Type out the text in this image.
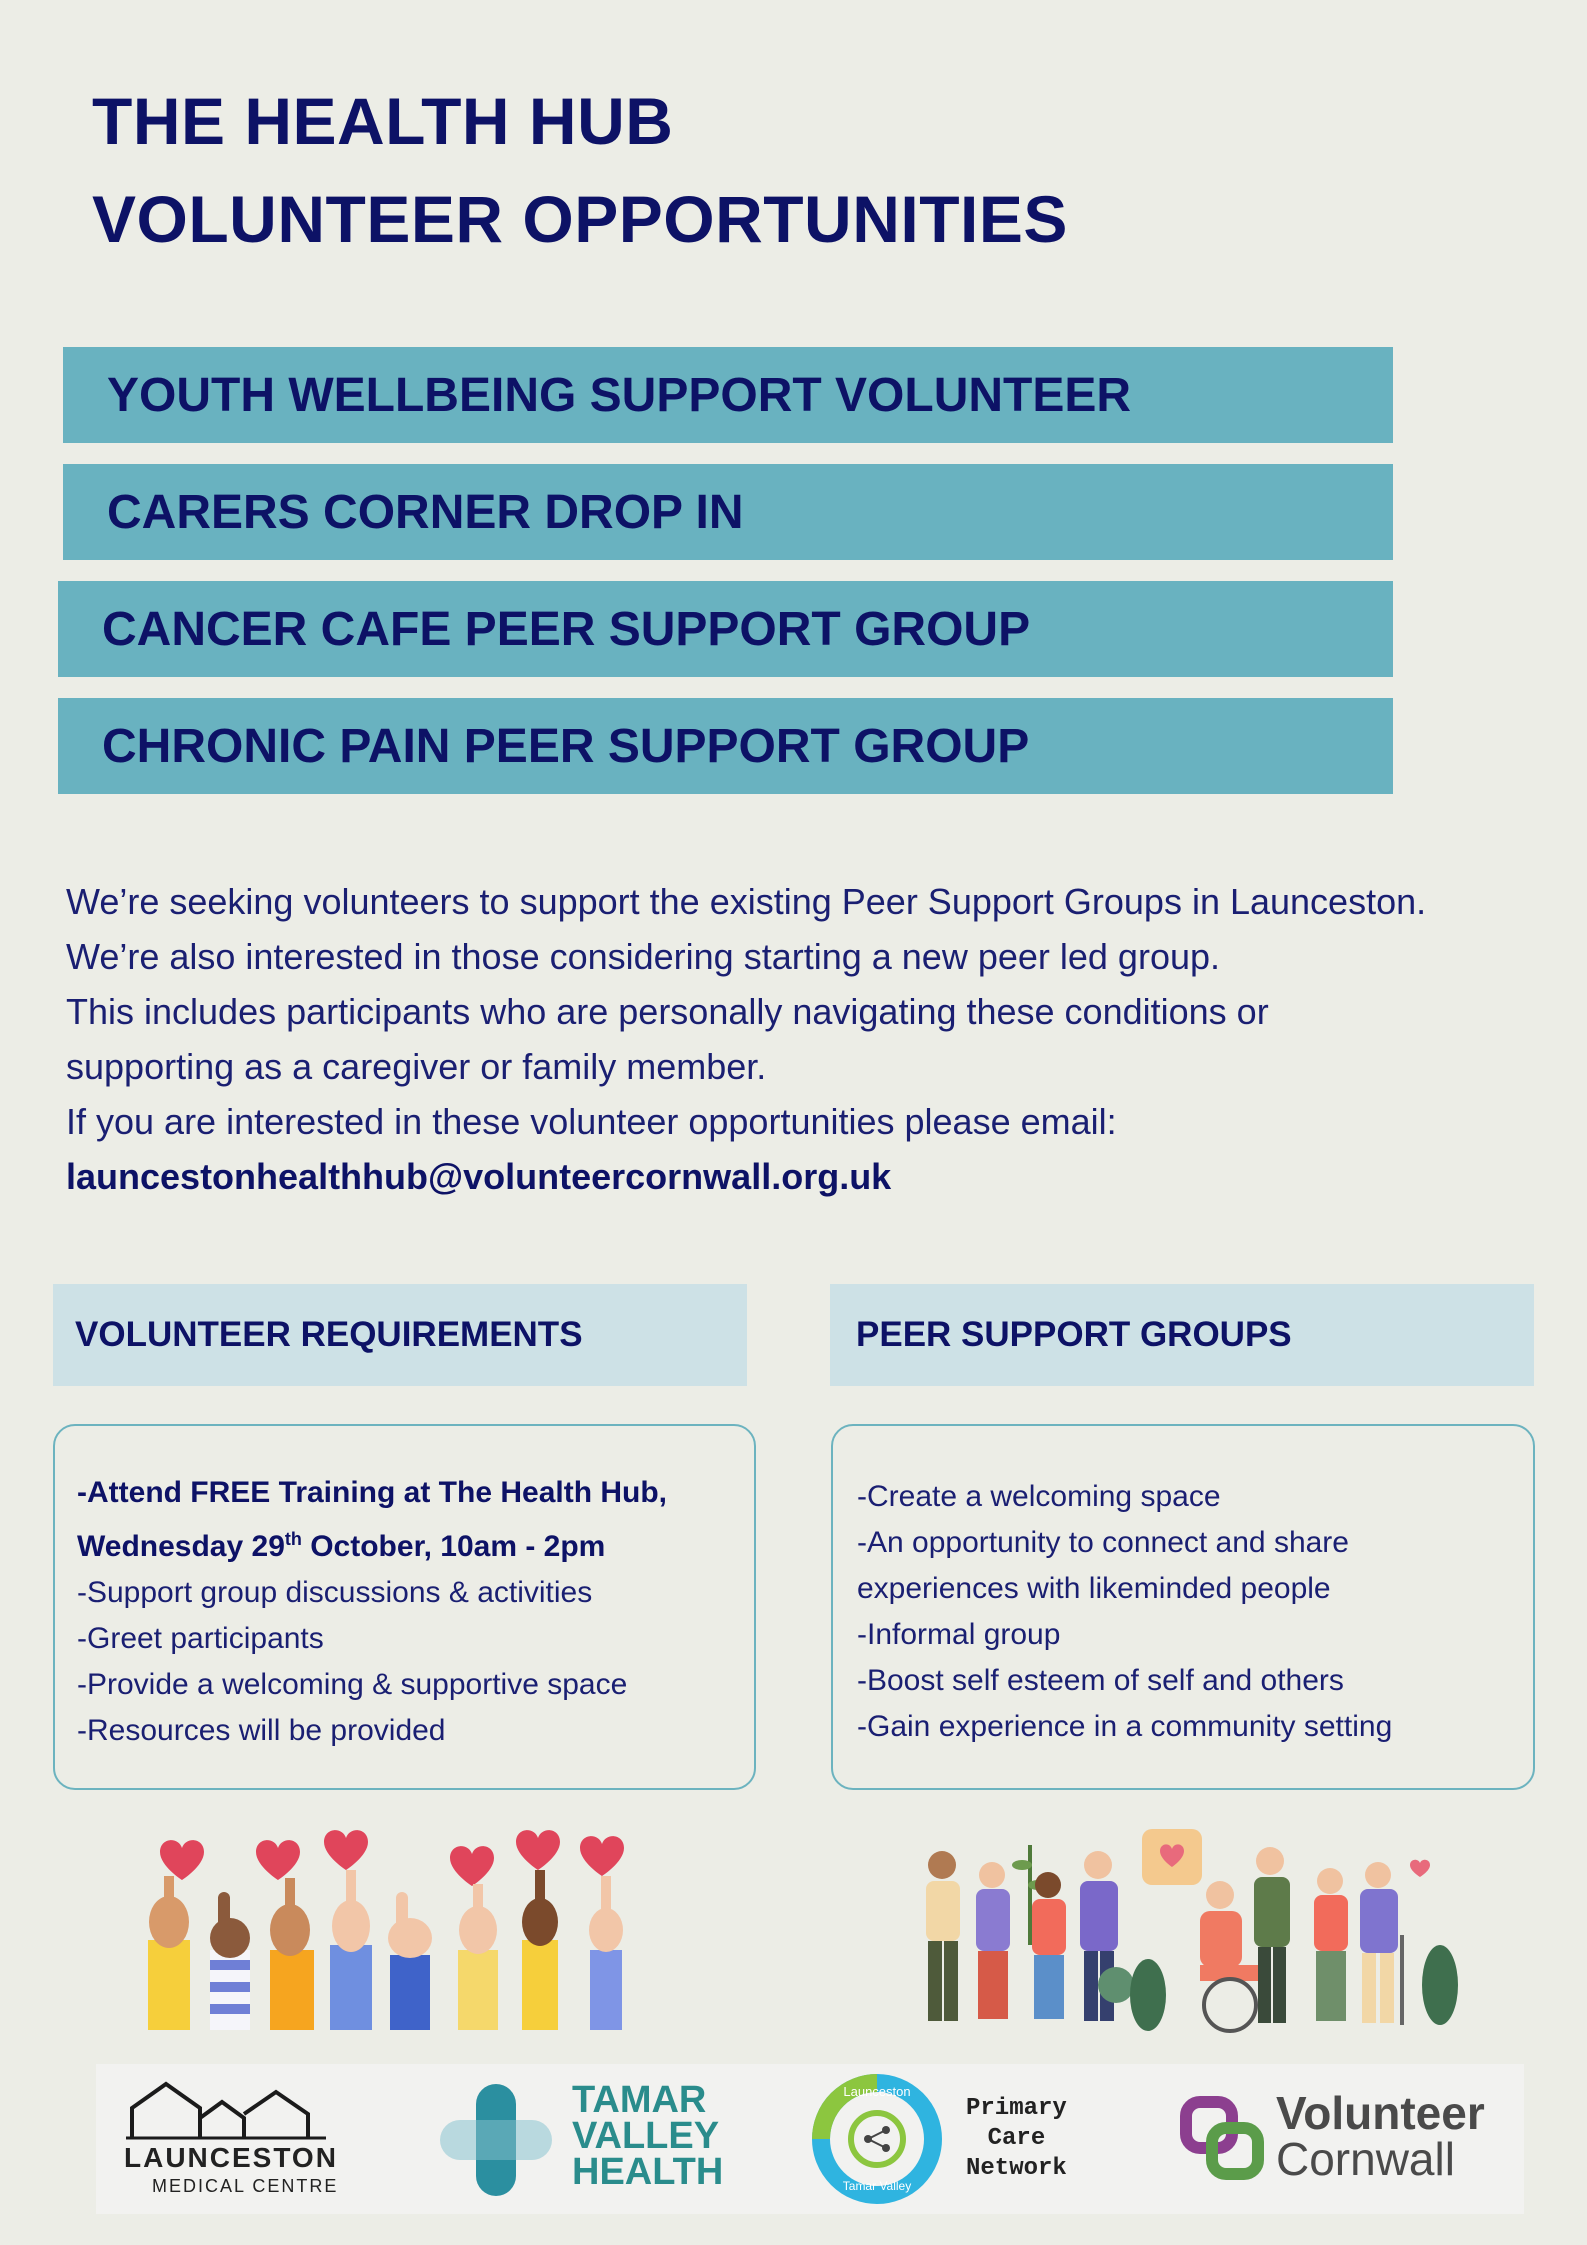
THE HEALTH HUB
VOLUNTEER OPPORTUNITIES
YOUTH WELLBEING SUPPORT VOLUNTEER
CARERS CORNER DROP IN
CANCER CAFE PEER SUPPORT GROUP
CHRONIC PAIN PEER SUPPORT GROUP
We’re seeking volunteers to support the existing Peer Support Groups in Launceston.
We’re also interested in those considering starting a new peer led group.
This includes participants who are personally navigating these conditions or
supporting as a caregiver or family member.
If you are interested in these volunteer opportunities please email:
launcestonhealthhub@volunteercornwall.org.uk
VOLUNTEER REQUIREMENTS	PEER SUPPORT GROUPS
-Attend FREE Training at The Health Hub,
Wednesday 29th October, 10am - 2pm
-Support group discussions & activities
-Greet participants
-Provide a welcoming & supportive space
-Resources will be provided
-Create a welcoming space
-An opportunity to connect and share
experiences with likeminded people
-Informal group
-Boost self esteem of self and others
-Gain experience in a community setting
LAUNCESTON
MEDICAL CENTRE
TAMAR
VALLEY
HEALTH
Launceston
Tamar Valley
Primary
Care
Network
Volunteer
Cornwall
